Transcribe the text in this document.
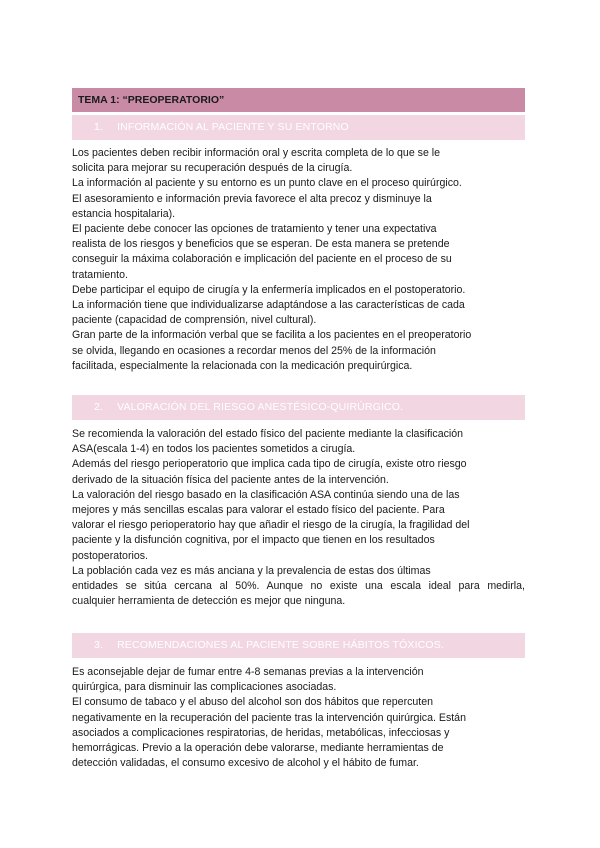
TEMA 1: “PREOPERATORIO”
1. INFORMACIÓN AL PACIENTE Y SU ENTORNO
Los pacientes deben recibir información oral y escrita completa de lo que se le
solicita para mejorar su recuperación después de la cirugía.
La información al paciente y su entorno es un punto clave en el proceso quirúrgico.
El asesoramiento e información previa favorece el alta precoz y disminuye la
estancia hospitalaria).
El paciente debe conocer las opciones de tratamiento y tener una expectativa
realista de los riesgos y beneficios que se esperan. De esta manera se pretende
conseguir la máxima colaboración e implicación del paciente en el proceso de su
tratamiento.
Debe participar el equipo de cirugía y la enfermería implicados en el postoperatorio.
La información tiene que individualizarse adaptándose a las características de cada
paciente (capacidad de comprensión, nivel cultural).
Gran parte de la información verbal que se facilita a los pacientes en el preoperatorio
se olvida, llegando en ocasiones a recordar menos del 25% de la información
facilitada, especialmente la relacionada con la medicación prequirúrgica.
2. VALORACIÓN DEL RIESGO ANESTÉSICO-QUIRÚRGICO.
Se recomienda la valoración del estado físico del paciente mediante la clasificación
ASA(escala 1-4) en todos los pacientes sometidos a cirugía.
Además del riesgo perioperatorio que implica cada tipo de cirugía, existe otro riesgo
derivado de la situación física del paciente antes de la intervención.
La valoración del riesgo basado en la clasificación ASA continúa siendo una de las
mejores y más sencillas escalas para valorar el estado físico del paciente. Para
valorar el riesgo perioperatorio hay que añadir el riesgo de la cirugía, la fragilidad del
paciente y la disfunción cognitiva, por el impacto que tienen en los resultados
postoperatorios.
La población cada vez es más anciana y la prevalencia de estas dos últimas
entidades se sitúa cercana al 50%. Aunque no existe una escala ideal para medirla,
cualquier herramienta de detección es mejor que ninguna.
3. RECOMENDACIONES AL PACIENTE SOBRE HÁBITOS TÓXICOS.
Es aconsejable dejar de fumar entre 4-8 semanas previas a la intervención
quirúrgica, para disminuir las complicaciones asociadas.
El consumo de tabaco y el abuso del alcohol son dos hábitos que repercuten
negativamente en la recuperación del paciente tras la intervención quirúrgica. Están
asociados a complicaciones respiratorias, de heridas, metabólicas, infecciosas y
hemorrágicas. Previo a la operación debe valorarse, mediante herramientas de
detección validadas, el consumo excesivo de alcohol y el hábito de fumar.
